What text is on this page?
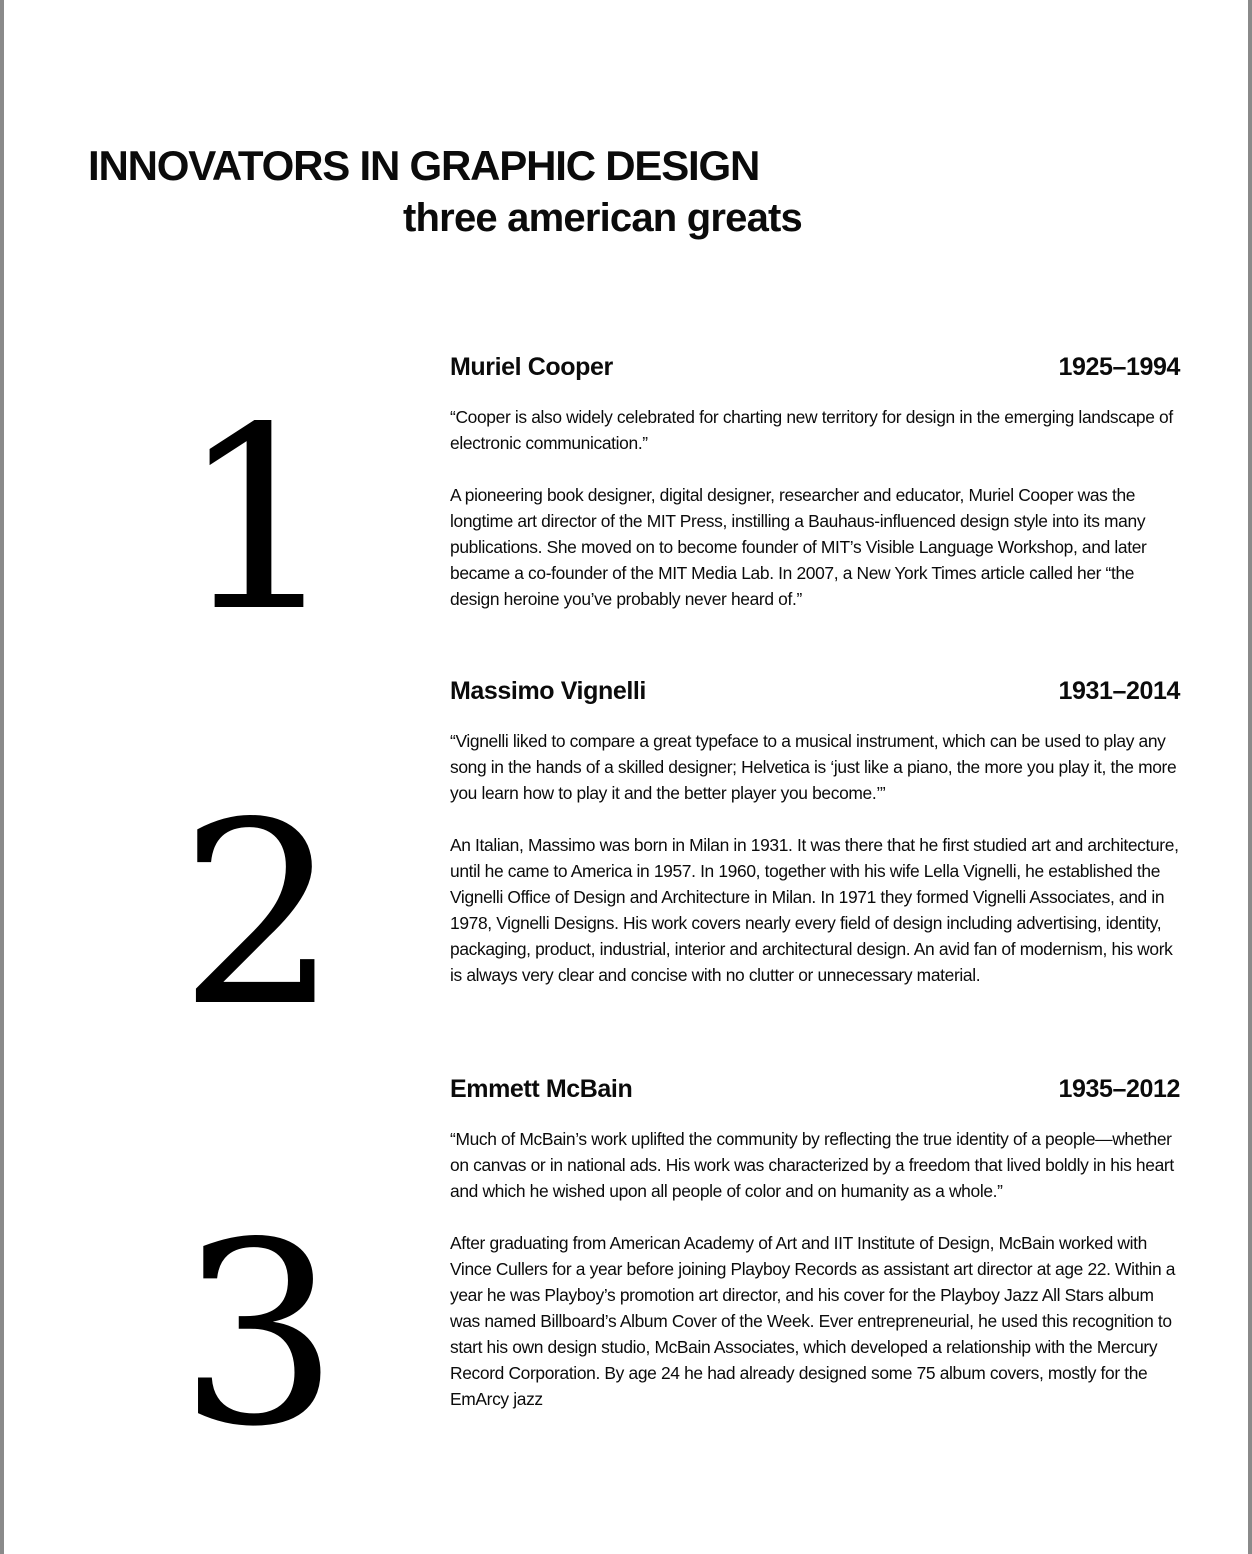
INNOVATORS IN GRAPHIC DESIGN
three american greats
1
2
3
Muriel Cooper	1925–1994

“Cooper is also widely celebrated for charting new territory for design in the emerging landscape of electronic communication.”

A pioneering book designer, digital designer, researcher and educator, Muriel Cooper was the longtime art director of the MIT Press, instilling a Bauhaus-influenced design style into its many publications. She moved on to become founder of MIT’s Visible Language Workshop, and later became a co-founder of the MIT Media Lab. In 2007, a New York Times article called her “the design heroine you’ve probably never heard of.”

Massimo Vignelli	1931–2014

“Vignelli liked to compare a great typeface to a musical instrument, which can be used to play any song in the hands of a skilled designer; Helvetica is ‘just like a piano, the more you play it, the more you learn how to play it and the better player you become.’”

An Italian, Massimo was born in Milan in 1931. It was there that he first studied art and architecture, until he came to America in 1957. In 1960, together with his wife Lella Vignelli, he established the Vignelli Office of Design and Architecture in Milan. In 1971 they formed Vignelli Associates, and in 1978, Vignelli Designs. His work covers nearly every field of design including advertising, identity, packaging, product, industrial, interior and architectural design. An avid fan of modernism, his work is always very clear and concise with no clutter or unnecessary material.

Emmett McBain	1935–2012

“Much of McBain’s work uplifted the community by reflecting the true identity of a people—whether on canvas or in national ads. His work was characterized by a freedom that lived boldly in his heart and which he wished upon all people of color and on humanity as a whole.”

After graduating from American Academy of Art and IIT Institute of Design, McBain worked with Vince Cullers for a year before joining Playboy Records as assistant art director at age 22. Within a year he was Playboy’s promotion art director, and his cover for the Playboy Jazz All Stars album was named Billboard’s Album Cover of the Week. Ever entrepreneurial, he used this recognition to start his own design studio, McBain Associates, which developed a relationship with the Mercury Record Corporation. By age 24 he had already designed some 75 album covers, mostly for the EmArcy jazz
